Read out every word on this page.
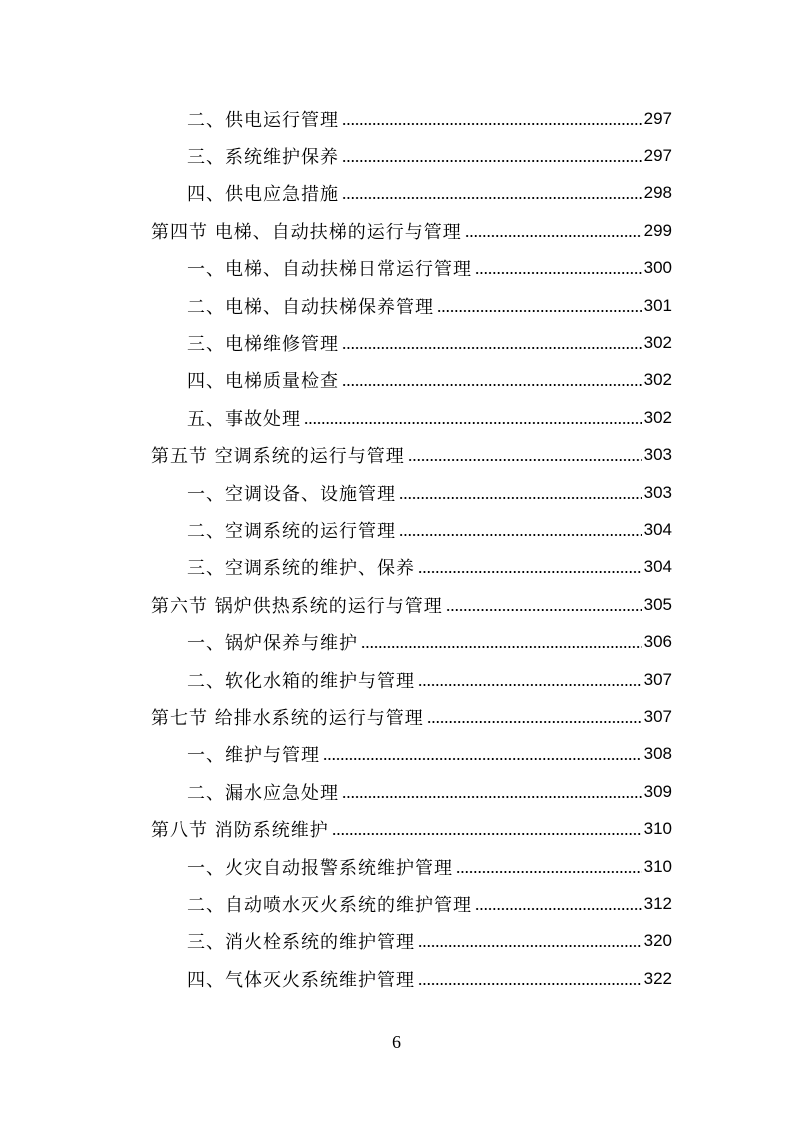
二、供电运行管理	297
三、系统维护保养	297
四、供电应急措施	298
第四节 电梯、自动扶梯的运行与管理	299
一、电梯、自动扶梯日常运行管理	300
二、电梯、自动扶梯保养管理	301
三、电梯维修管理	302
四、电梯质量检查	302
五、事故处理	302
第五节 空调系统的运行与管理	303
一、空调设备、设施管理	303
二、空调系统的运行管理	304
三、空调系统的维护、保养	304
第六节 锅炉供热系统的运行与管理	305
一、锅炉保养与维护	306
二、软化水箱的维护与管理	307
第七节 给排水系统的运行与管理	307
一、维护与管理	308
二、漏水应急处理	309
第八节 消防系统维护	310
一、火灾自动报警系统维护管理	310
二、自动喷水灭火系统的维护管理	312
三、消火栓系统的维护管理	320
四、气体灭火系统维护管理	322
6
